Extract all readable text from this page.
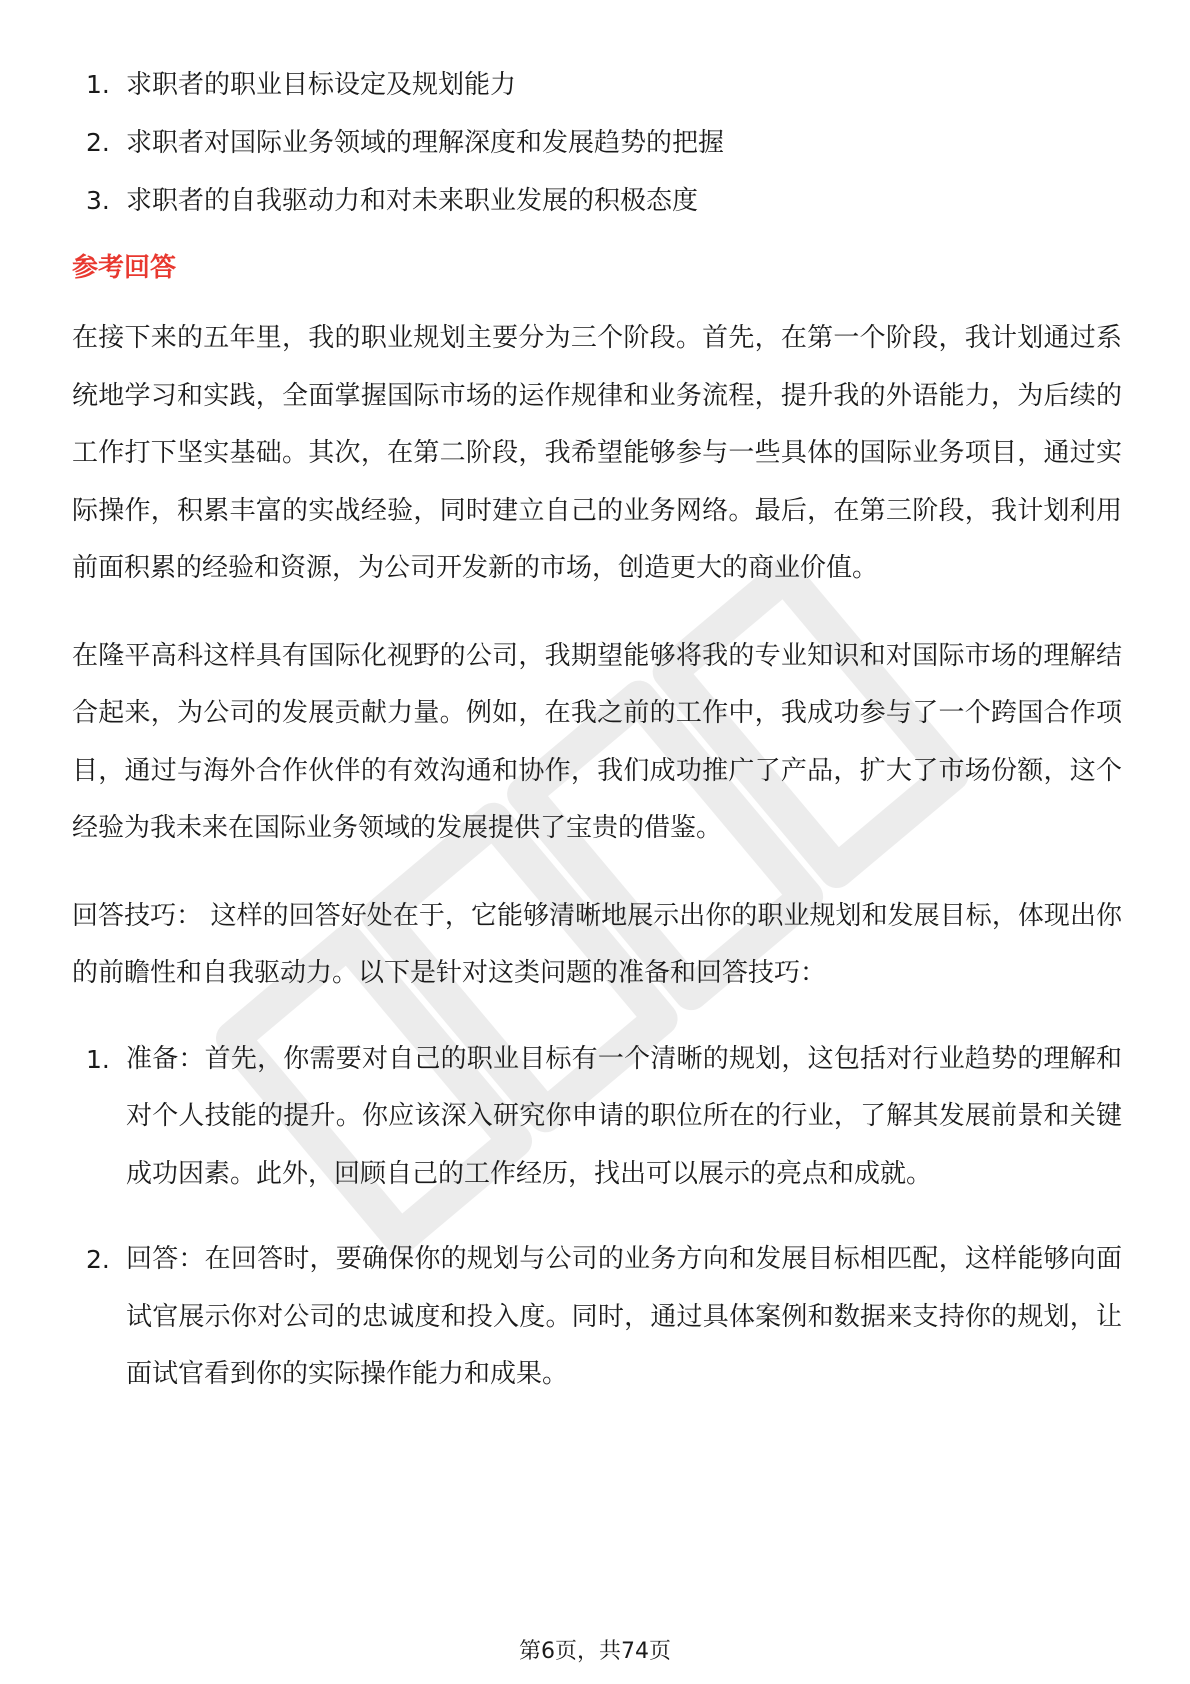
1. 求职者的职业目标设定及规划能力
2. 求职者对国际业务领域的理解深度和发展趋势的把握
3. 求职者的自我驱动力和对未来职业发展的积极态度
参考回答

在接下来的五年里，我的职业规划主要分为三个阶段。首先，在第一个阶段，我计划通过系统地学习和实践，全面掌握国际市场的运作规律和业务流程，提升我的外语能力，为后续的工作打下坚实基础。其次，在第二阶段，我希望能够参与一些具体的国际业务项目，通过实际操作，积累丰富的实战经验，同时建立自己的业务网络。最后，在第三阶段，我计划利用前面积累的经验和资源，为公司开发新的市场，创造更大的商业价值。

在隆平高科这样具有国际化视野的公司，我期望能够将我的专业知识和对国际市场的理解结合起来，为公司的发展贡献力量。例如，在我之前的工作中，我成功参与了一个跨国合作项目，通过与海外合作伙伴的有效沟通和协作，我们成功推广了产品，扩大了市场份额，这个经验为我未来在国际业务领域的发展提供了宝贵的借鉴。

回答技巧： 这样的回答好处在于，它能够清晰地展示出你的职业规划和发展目标，体现出你的前瞻性和自我驱动力。以下是针对这类问题的准备和回答技巧：

1. 准备：首先，你需要对自己的职业目标有一个清晰的规划，这包括对行业趋势的理解和对个人技能的提升。你应该深入研究你申请的职位所在的行业，了解其发展前景和关键成功因素。此外，回顾自己的工作经历，找出可以展示的亮点和成就。
2. 回答：在回答时，要确保你的规划与公司的业务方向和发展目标相匹配，这样能够向面试官展示你对公司的忠诚度和投入度。同时，通过具体案例和数据来支持你的规划，让面试官看到你的实际操作能力和成果。
第6页，共74页
